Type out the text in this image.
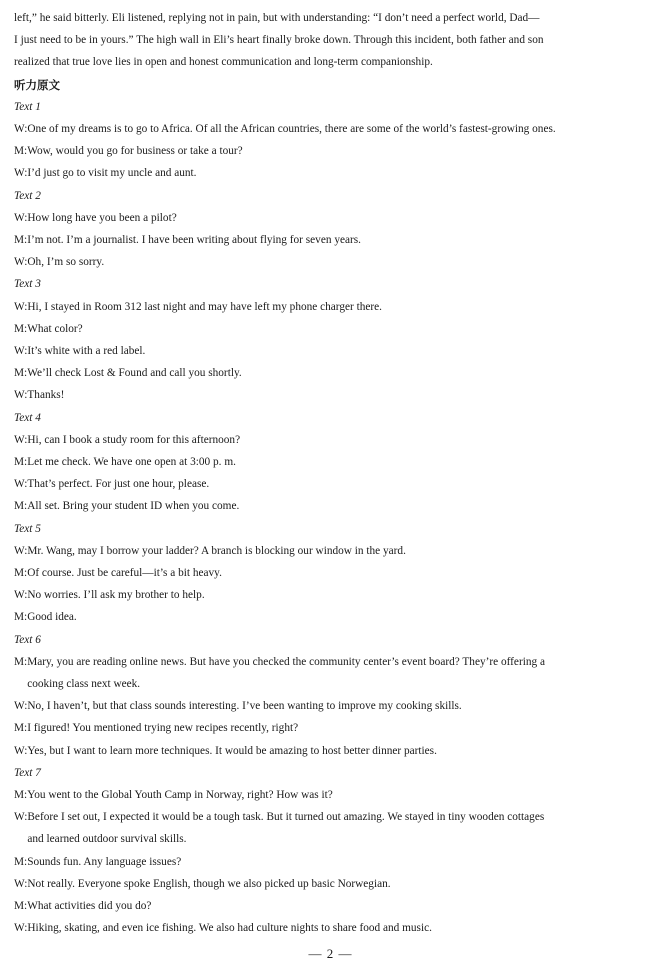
left,” he said bitterly. Eli listened, replying not in pain, but with understanding: “I don’t need a perfect world, Dad—
I just need to be in yours.” The high wall in Eli’s heart finally broke down. Through this incident, both father and son
realized that true love lies in open and honest communication and long-term companionship.
听力原文
Text 1
W: One of my dreams is to go to Africa. Of all the African countries, there are some of the world’s fastest-growing ones.
M: Wow, would you go for business or take a tour?
W: I’d just go to visit my uncle and aunt.
Text 2
W: How long have you been a pilot?
M: I’m not. I’m a journalist. I have been writing about flying for seven years.
W: Oh, I’m so sorry.
Text 3
W: Hi, I stayed in Room 312 last night and may have left my phone charger there.
M: What color?
W: It’s white with a red label.
M: We’ll check Lost & Found and call you shortly.
W: Thanks!
Text 4
W: Hi, can I book a study room for this afternoon?
M: Let me check. We have one open at 3:00 p. m.
W: That’s perfect. For just one hour, please.
M: All set. Bring your student ID when you come.
Text 5
W: Mr. Wang, may I borrow your ladder? A branch is blocking our window in the yard.
M: Of course. Just be careful—it’s a bit heavy.
W: No worries. I’ll ask my brother to help.
M: Good idea.
Text 6
M: Mary, you are reading online news. But have you checked the community center’s event board? They’re offering a
cooking class next week.
W: No, I haven’t, but that class sounds interesting. I’ve been wanting to improve my cooking skills.
M: I figured! You mentioned trying new recipes recently, right?
W: Yes, but I want to learn more techniques. It would be amazing to host better dinner parties.
Text 7
M: You went to the Global Youth Camp in Norway, right? How was it?
W: Before I set out, I expected it would be a tough task. But it turned out amazing. We stayed in tiny wooden cottages
and learned outdoor survival skills.
M: Sounds fun. Any language issues?
W: Not really. Everyone spoke English, though we also picked up basic Norwegian.
M: What activities did you do?
W: Hiking, skating, and even ice fishing. We also had culture nights to share food and music.
— 2 —
